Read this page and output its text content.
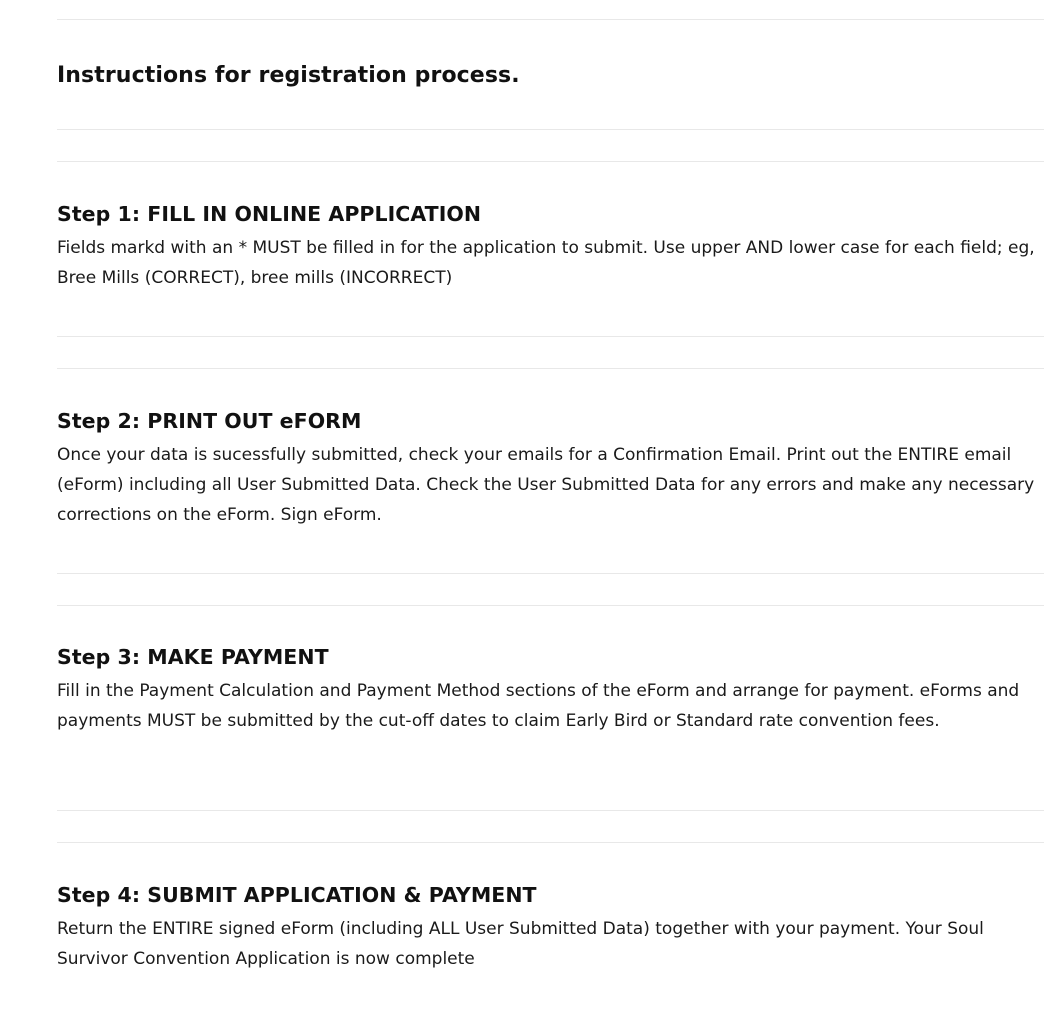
Instructions for registration process.
Step 1: FILL IN ONLINE APPLICATION

Fields markd with an * MUST be filled in for the application to submit. Use upper AND lower case for each field; eg, Bree Mills (CORRECT), bree mills (INCORRECT)

Step 2: PRINT OUT eFORM

Once your data is sucessfully submitted, check your emails for a Confirmation Email. Print out the ENTIRE email (eForm) including all User Submitted Data. Check the User Submitted Data for any errors and make any necessary corrections on the eForm. Sign eForm.

Step 3: MAKE PAYMENT

Fill in the Payment Calculation and Payment Method sections of the eForm and arrange for payment. eForms and payments MUST be submitted by the cut-off dates to claim Early Bird or Standard rate convention fees.

Step 4: SUBMIT APPLICATION & PAYMENT

Return the ENTIRE signed eForm (including ALL User Submitted Data) together with your payment. Your Soul Survivor Convention Application is now complete
